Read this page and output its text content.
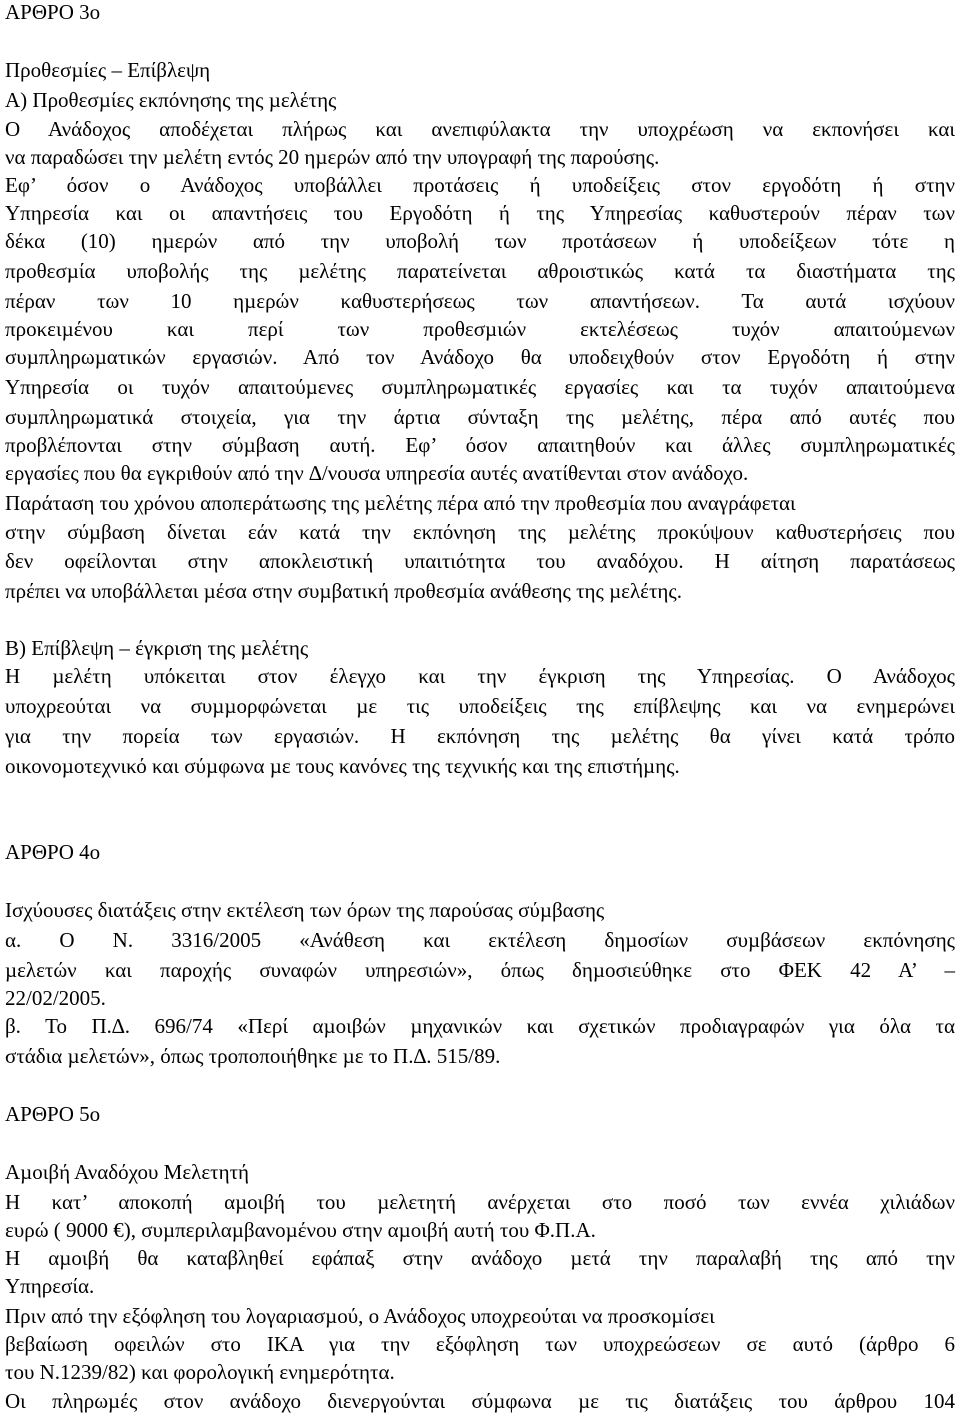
ΑΡΘΡΟ 3ο
Προθεσµίες – Επίβλεψη
Α) Προθεσµίες εκπόνησης της µελέτης
Ο Ανάδοχος αποδέχεται πλήρως και ανεπιφύλακτα την υποχρέωση να εκπονήσει και
να παραδώσει την µελέτη εντός 20 ηµερών από την υπογραφή της παρούσης.
Εφ’ όσον ο Ανάδοχος υποβάλλει προτάσεις ή υποδείξεις στον εργοδότη ή στην
Υπηρεσία και οι απαντήσεις του Εργοδότη ή της Υπηρεσίας καθυστερούν πέραν των
δέκα (10) ηµερών από την υποβολή των προτάσεων ή υποδείξεων τότε η
προθεσµία υποβολής της µελέτης παρατείνεται αθροιστικώς κατά τα διαστήµατα της
πέραν των 10 ηµερών καθυστερήσεως των απαντήσεων. Τα αυτά ισχύουν
προκειµένου και περί των προθεσµιών εκτελέσεως τυχόν απαιτούµενων
συµπληρωµατικών εργασιών. Από τον Ανάδοχο θα υποδειχθούν στον Εργοδότη ή στην
Υπηρεσία οι τυχόν απαιτούµενες συµπληρωµατικές εργασίες και τα τυχόν απαιτούµενα
συµπληρωµατικά στοιχεία, για την άρτια σύνταξη της µελέτης, πέρα από αυτές που
προβλέπονται στην σύµβαση αυτή. Εφ’ όσον απαιτηθούν και άλλες συµπληρωµατικές
εργασίες που θα εγκριθούν από την ∆/νουσα υπηρεσία αυτές ανατίθενται στον ανάδοχο.
Παράταση του χρόνου αποπεράτωσης της µελέτης πέρα από την προθεσµία που αναγράφεται
στην σύµβαση δίνεται εάν κατά την εκπόνηση της µελέτης προκύψουν καθυστερήσεις που
δεν οφείλονται στην αποκλειστική υπαιτιότητα του αναδόχου. Η αίτηση παρατάσεως
πρέπει να υποβάλλεται µέσα στην συµβατική προθεσµία ανάθεσης της µελέτης.
Β) Επίβλεψη – έγκριση της µελέτης
Η µελέτη υπόκειται στον έλεγχο και την έγκριση της Υπηρεσίας. Ο Ανάδοχος
υποχρεούται να συµµορφώνεται µε τις υποδείξεις της επίβλεψης και να ενηµερώνει
για την πορεία των εργασιών. Η εκπόνηση της µελέτης θα γίνει κατά τρόπο
οικονοµοτεχνικό και σύµφωνα µε τους κανόνες της τεχνικής και της επιστήµης.
ΑΡΘΡΟ 4ο
Ισχύουσες διατάξεις στην εκτέλεση των όρων της παρούσας σύµβασης
α. Ο Ν. 3316/2005 «Ανάθεση και εκτέλεση δηµοσίων συµβάσεων εκπόνησης
µελετών και παροχής συναφών υπηρεσιών», όπως δηµοσιεύθηκε στο ΦΕΚ 42 Α’ –
22/02/2005.
β. Το Π.∆. 696/74 «Περί αµοιβών µηχανικών και σχετικών προδιαγραφών για όλα τα
στάδια µελετών», όπως τροποποιήθηκε µε το Π.∆. 515/89.
ΑΡΘΡΟ 5ο
Αµοιβή Αναδόχου Μελετητή
Η κατ’ αποκοπή αµοιβή του µελετητή ανέρχεται στο ποσό των εννέα χιλιάδων
ευρώ ( 9000 €), συµπεριλαµβανοµένου στην αµοιβή αυτή του Φ.Π.Α.
Η αµοιβή θα καταβληθεί εφάπαξ στην ανάδοχο µετά την παραλαβή της από την
Υπηρεσία.
Πριν από την εξόφληση του λογαριασµού, ο Ανάδοχος υποχρεούται να προσκοµίσει
βεβαίωση οφειλών στο ΙΚΑ για την εξόφληση των υποχρεώσεων σε αυτό (άρθρο 6
του Ν.1239/82) και φορολογική ενηµερότητα.
Οι πληρωµές στον ανάδοχο διενεργούνται σύµφωνα µε τις διατάξεις του άρθρου 104
